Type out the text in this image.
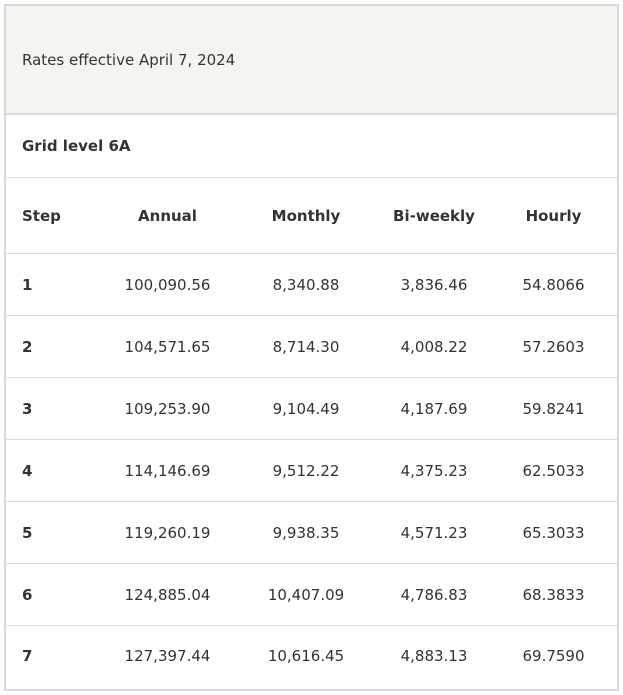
Rates effective April 7, 2024
Grid level 6A
Step	Annual	Monthly	Bi-weekly	Hourly
1	100,090.56	8,340.88	3,836.46	54.8066
2	104,571.65	8,714.30	4,008.22	57.2603
3	109,253.90	9,104.49	4,187.69	59.8241
4	114,146.69	9,512.22	4,375.23	62.5033
5	119,260.19	9,938.35	4,571.23	65.3033
6	124,885.04	10,407.09	4,786.83	68.3833
7	127,397.44	10,616.45	4,883.13	69.7590
